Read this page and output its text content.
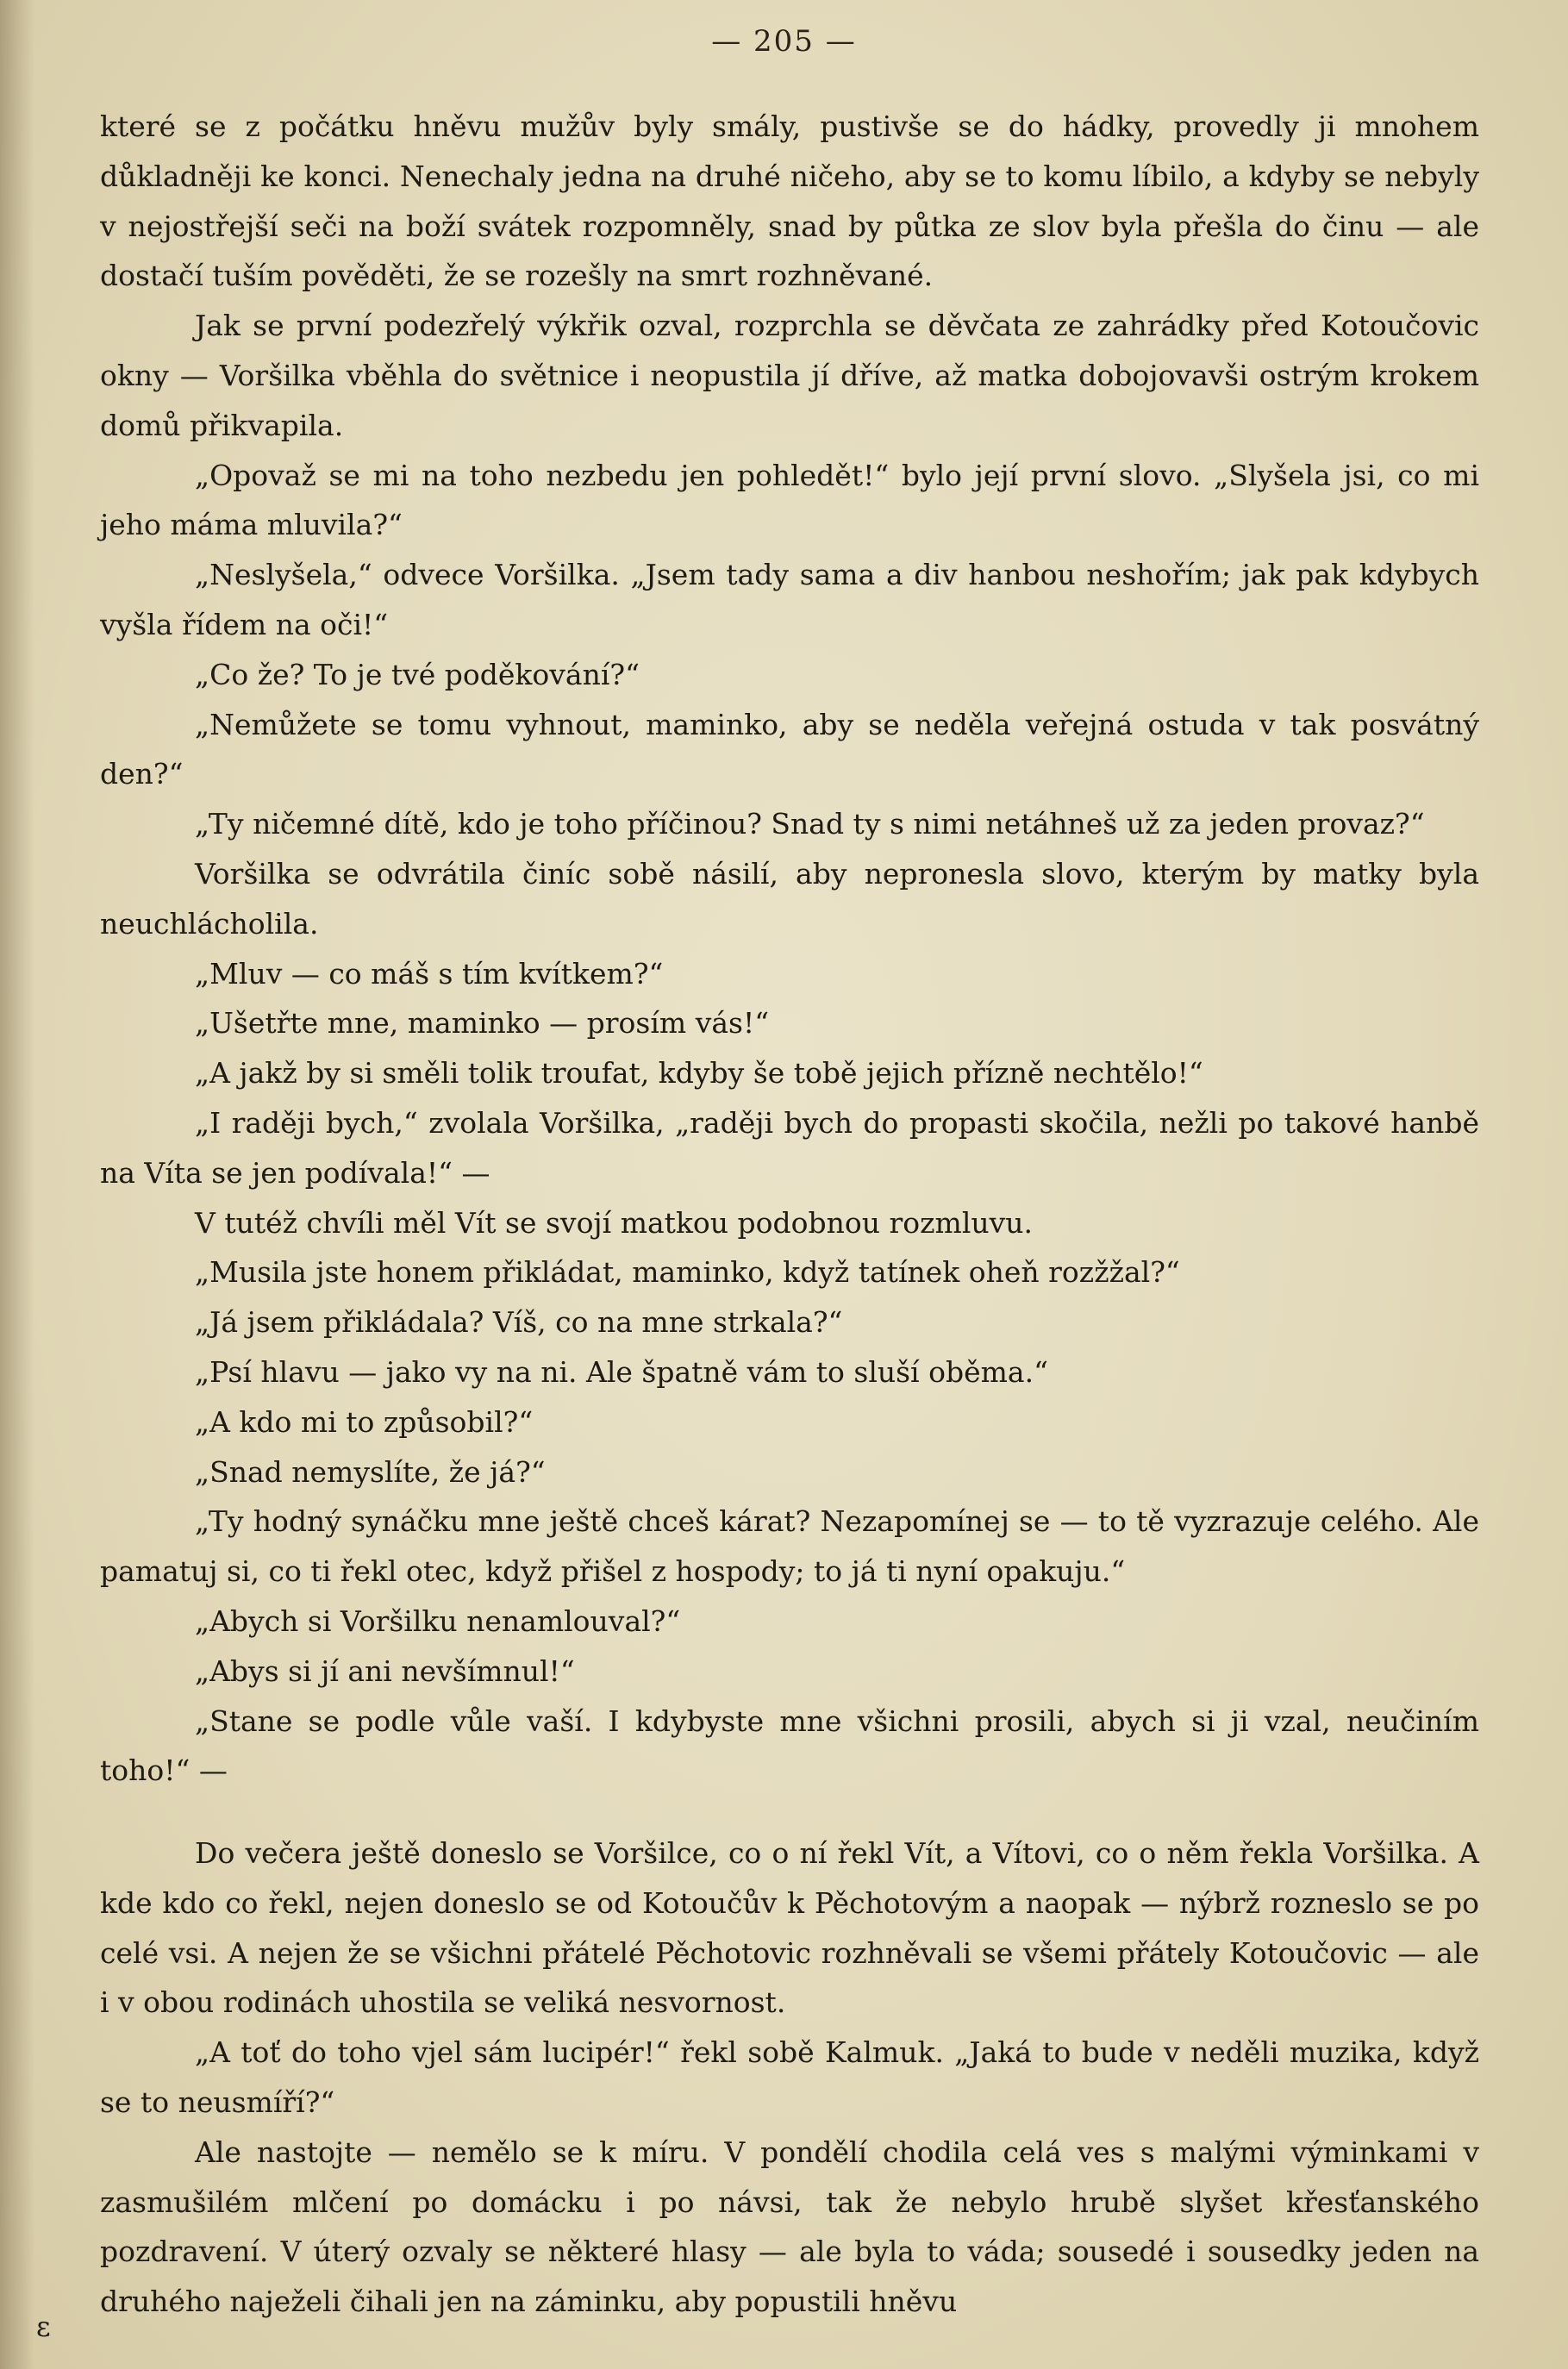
— 205 —

které se z počátku hněvu mužův byly smály, pustivše se do hádky, provedly ji mnohem důkladněji ke konci. Nenechaly jedna na druhé ničeho, aby se to komu líbilo, a kdyby se nebyly v nejostřejší seči na boží svátek rozpomněly, snad by půtka ze slov byla přešla do činu — ale dostačí tuším pověděti, že se rozešly na smrt rozhněvané.

Jak se první podezřelý výkřik ozval, rozprchla se děvčata ze zahrádky před Kotoučovic okny — Voršilka vběhla do světnice i neopustila jí dříve, až matka dobojovavši ostrým krokem domů přikvapila.

„Opovaž se mi na toho nezbedu jen pohledět!“ bylo její první slovo. „Slyšela jsi, co mi jeho máma mluvila?“

„Neslyšela,“ odvece Voršilka. „Jsem tady sama a div hanbou neshořím; jak pak kdybych vyšla řídem na oči!“

„Co že? To je tvé poděkování?“

„Nemůžete se tomu vyhnout, maminko, aby se neděla veřejná ostuda v tak posvátný den?“

„Ty ničemné dítě, kdo je toho příčinou? Snad ty s nimi netáhneš už za jeden provaz?“

Voršilka se odvrátila činíc sobě násilí, aby nepronesla slovo, kterým by matky byla neuchlácholila.

„Mluv — co máš s tím kvítkem?“

„Ušetřte mne, maminko — prosím vás!“

„A jakž by si směli tolik troufat, kdyby še tobě jejich přízně nechtělo!“

„I raději bych,“ zvolala Voršilka, „raději bych do propasti skočila, nežli po takové hanbě na Víta se jen podívala!“ —

V tutéž chvíli měl Vít se svojí matkou podobnou rozmluvu.

„Musila jste honem přikládat, maminko, když tatínek oheň rozžžal?“

„Já jsem přikládala? Víš, co na mne strkala?“

„Psí hlavu — jako vy na ni. Ale špatně vám to sluší oběma.“

„A kdo mi to způsobil?“

„Snad nemyslíte, že já?“

„Ty hodný synáčku mne ještě chceš kárat? Nezapomínej se — to tě vyzrazuje celého. Ale pamatuj si, co ti řekl otec, když přišel z hospody; to já ti nyní opakuju.“

„Abych si Voršilku nenamlouval?“

„Abys si jí ani nevšímnul!“

„Stane se podle vůle vaší. I kdybyste mne všichni prosili, abych si ji vzal, neučiním toho!“ —

Do večera ještě doneslo se Voršilce, co o ní řekl Vít, a Vítovi, co o něm řekla Voršilka. A kde kdo co řekl, nejen doneslo se od Kotoučův k Pěchotovým a naopak — nýbrž rozneslo se po celé vsi. A nejen že se všichni přátelé Pěchotovic rozhněvali se všemi přátely Kotoučovic — ale i v obou rodinách uhostila se veliká nesvornost.

„A toť do toho vjel sám lucipér!“ řekl sobě Kalmuk. „Jaká to bude v neděli muzika, když se to neusmíří?“

Ale nastojte — nemělo se k míru. V pondělí chodila celá ves s malými výminkami v zasmušilém mlčení po domácku i po návsi, tak že nebylo hrubě slyšet křesťanského pozdravení. V úterý ozvaly se některé hlasy — ale byla to váda; sousedé i sousedky jeden na druhého naježeli čihali jen na záminku, aby popustili hněvu

ε
